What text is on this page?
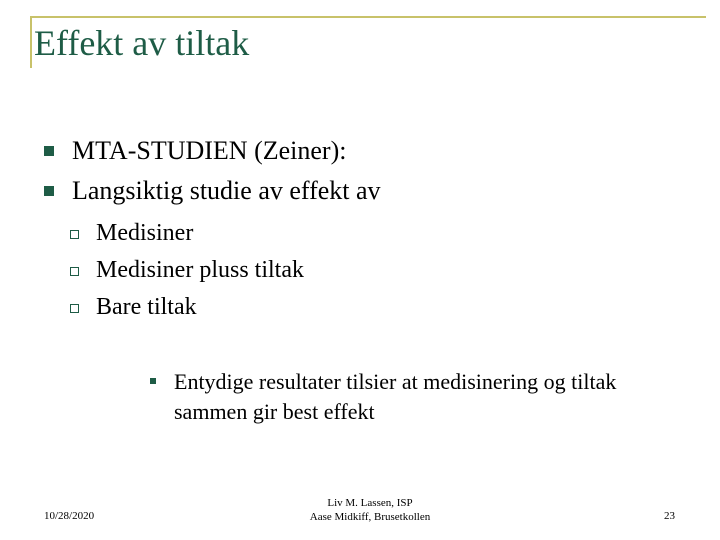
Effekt av tiltak
MTA-STUDIEN (Zeiner):
Langsiktig studie av effekt av
Medisiner
Medisiner pluss tiltak
Bare tiltak
Entydige resultater tilsier at medisinering og tiltak sammen gir best effekt
10/28/2020
Liv M. Lassen, ISP
Aase Midkiff, Brusetkollen	23
